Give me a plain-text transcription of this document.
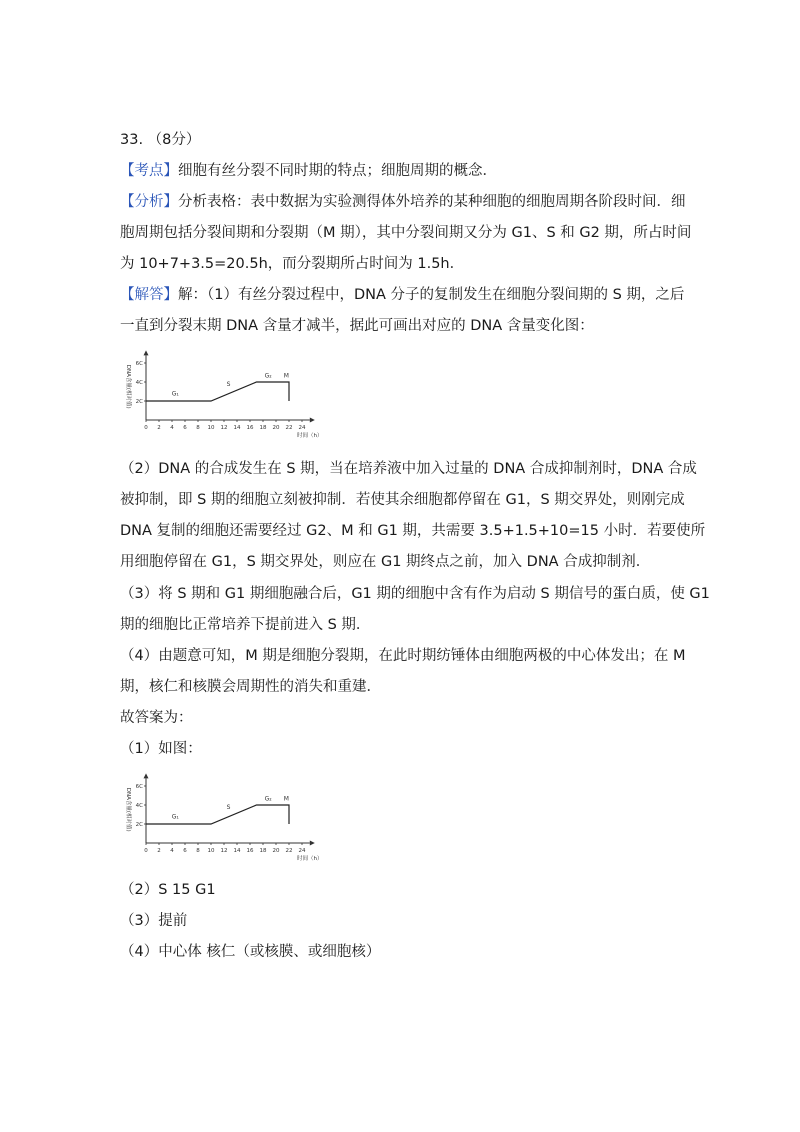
33. （8分）
【考点】细胞有丝分裂不同时期的特点；细胞周期的概念．
【分析】分析表格：表中数据为实验测得体外培养的某种细胞的细胞周期各阶段时间．细
胞周期包括分裂间期和分裂期（M 期），其中分裂间期又分为 G1、S 和 G2 期，所占时间
为 10+7+3.5=20.5h，而分裂期所占时间为 1.5h．
【解答】解：（1）有丝分裂过程中，DNA 分子的复制发生在细胞分裂间期的 S 期，之后
一直到分裂末期 DNA 含量才减半，据此可画出对应的 DNA 含量变化图：
0 2 4 6 8 10 12 14 16 18 20 22 24
2C
4C
6C
DNA含量(相对值)
时间（h）
G₁
S
G₂ M
（2）DNA 的合成发生在 S 期，当在培养液中加入过量的 DNA 合成抑制剂时，DNA 合成
被抑制，即 S 期的细胞立刻被抑制．若使其余细胞都停留在 G1，S 期交界处，则刚完成
DNA 复制的细胞还需要经过 G2、M 和 G1 期，共需要 3.5+1.5+10=15 小时．若要使所
用细胞停留在 G1，S 期交界处，则应在 G1 期终点之前，加入 DNA 合成抑制剂．
（3）将 S 期和 G1 期细胞融合后，G1 期的细胞中含有作为启动 S 期信号的蛋白质，使 G1
期的细胞比正常培养下提前进入 S 期．
（4）由题意可知，M 期是细胞分裂期，在此时期纺锤体由细胞两极的中心体发出；在 M
期，核仁和核膜会周期性的消失和重建．
故答案为：
（1）如图：
0 2 4 6 8 10 12 14 16 18 20 22 24
2C
4C
6C
DNA含量(相对值)
时间（h）
G₁
S
G₂ M
（2）S 15 G1
（3）提前
（4）中心体 核仁（或核膜、或细胞核）
